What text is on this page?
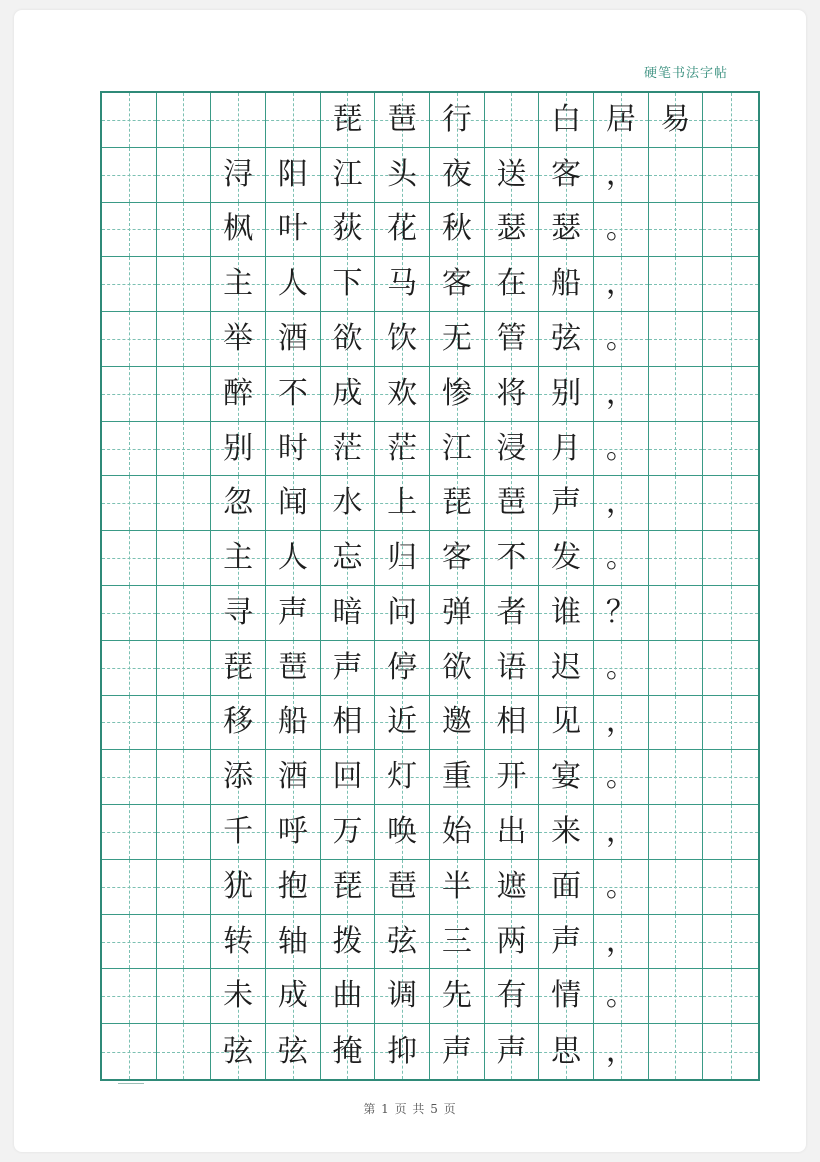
硬笔书法字帖
琵 琶 行	白 居 易
浔 阳 江 头 夜 送 客 ，
枫 叶 荻 花 秋 瑟 瑟 。
主 人 下 马 客 在 船 ，
举 酒 欲 饮 无 管 弦 。
醉 不 成 欢 惨 将 别 ，
别 时 茫 茫 江 浸 月 。
忽 闻 水 上 琵 琶 声 ，
主 人 忘 归 客 不 发 。
寻 声 暗 问 弹 者 谁 ？
琵 琶 声 停 欲 语 迟 。
移 船 相 近 邀 相 见 ，
添 酒 回 灯 重 开 宴 。
千 呼 万 唤 始 出 来 ，
犹 抱 琵 琶 半 遮 面 。
转 轴 拨 弦 三 两 声 ，
未 成 曲 调 先 有 情 。
弦 弦 掩 抑 声 声 思 ，
第 1 页 共 5 页
